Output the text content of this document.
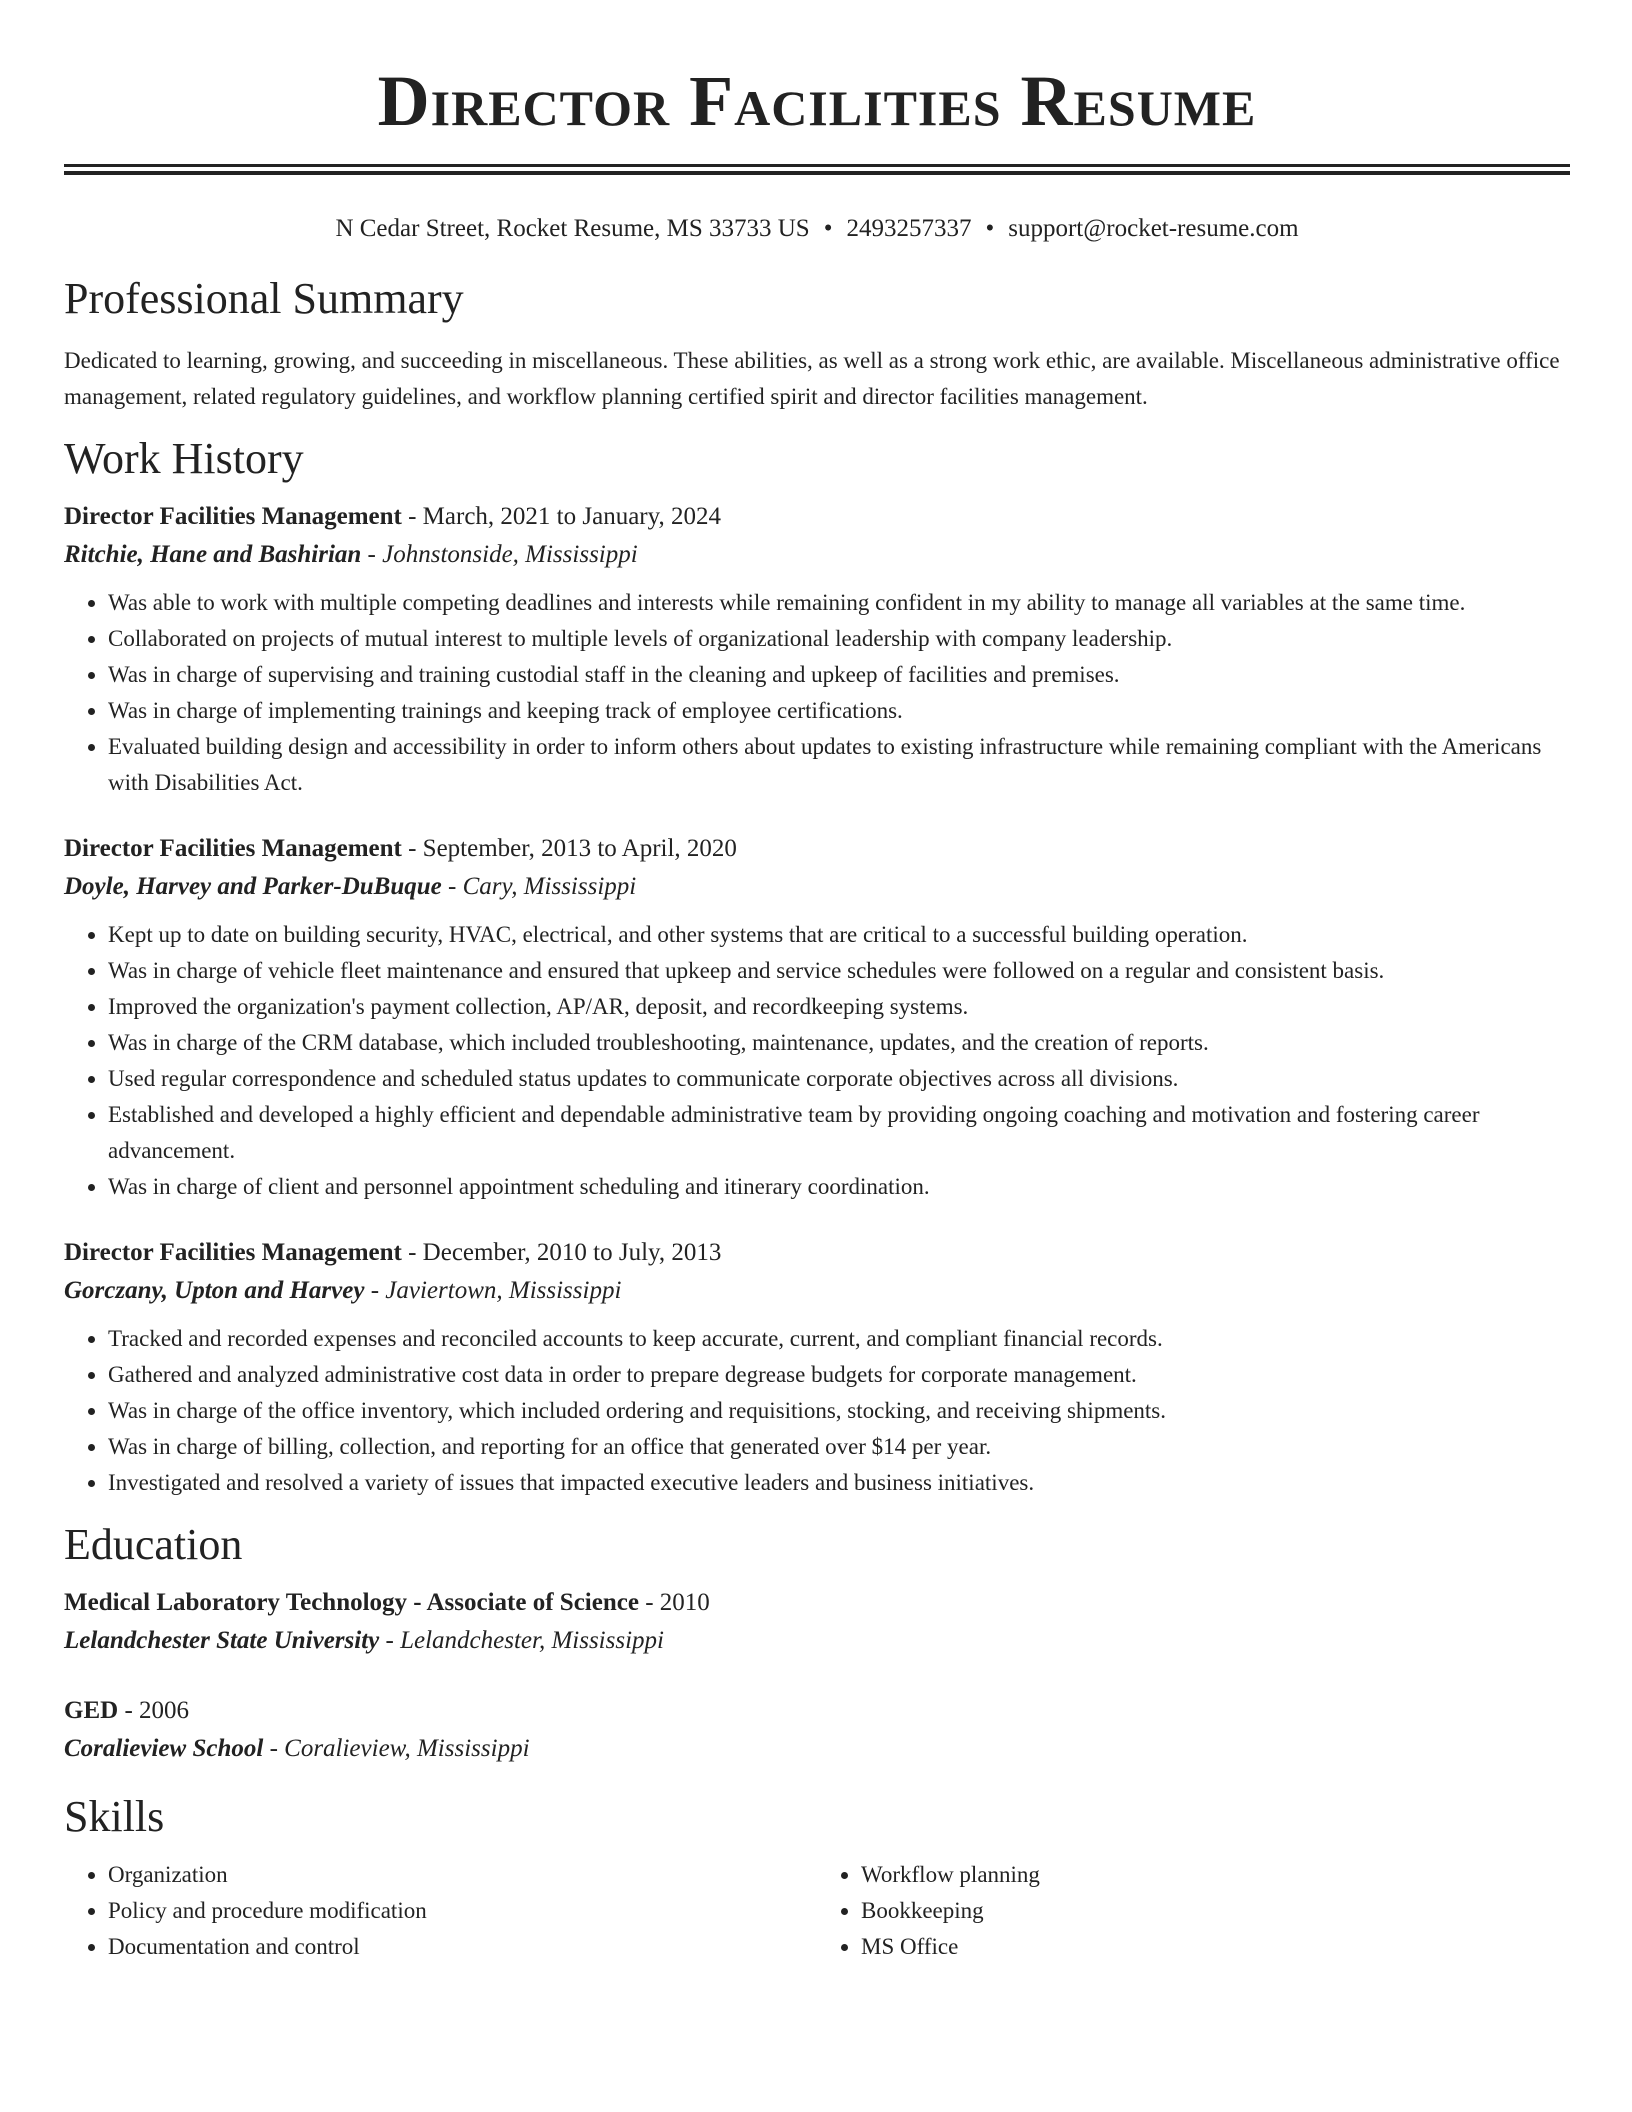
Director Facilities Resume
N Cedar Street, Rocket Resume, MS 33733 US • 2493257337 • support@rocket-resume.com
Professional Summary

Dedicated to learning, growing, and succeeding in miscellaneous. These abilities, as well as a strong work ethic, are available. Miscellaneous administrative office management, related regulatory guidelines, and workflow planning certified spirit and director facilities management.

Work History
Director Facilities Management - March, 2021 to January, 2024
Ritchie, Hane and Bashirian - Johnstonside, Mississippi
• Was able to work with multiple competing deadlines and interests while remaining confident in my ability to manage all variables at the same time.
• Collaborated on projects of mutual interest to multiple levels of organizational leadership with company leadership.
• Was in charge of supervising and training custodial staff in the cleaning and upkeep of facilities and premises.
• Was in charge of implementing trainings and keeping track of employee certifications.
• Evaluated building design and accessibility in order to inform others about updates to existing infrastructure while remaining compliant with the Americans with Disabilities Act.
Director Facilities Management - September, 2013 to April, 2020
Doyle, Harvey and Parker-DuBuque - Cary, Mississippi
• Kept up to date on building security, HVAC, electrical, and other systems that are critical to a successful building operation.
• Was in charge of vehicle fleet maintenance and ensured that upkeep and service schedules were followed on a regular and consistent basis.
• Improved the organization's payment collection, AP/AR, deposit, and recordkeeping systems.
• Was in charge of the CRM database, which included troubleshooting, maintenance, updates, and the creation of reports.
• Used regular correspondence and scheduled status updates to communicate corporate objectives across all divisions.
• Established and developed a highly efficient and dependable administrative team by providing ongoing coaching and motivation and fostering career advancement.
• Was in charge of client and personnel appointment scheduling and itinerary coordination.
Director Facilities Management - December, 2010 to July, 2013
Gorczany, Upton and Harvey - Javiertown, Mississippi
• Tracked and recorded expenses and reconciled accounts to keep accurate, current, and compliant financial records.
• Gathered and analyzed administrative cost data in order to prepare degrease budgets for corporate management.
• Was in charge of the office inventory, which included ordering and requisitions, stocking, and receiving shipments.
• Was in charge of billing, collection, and reporting for an office that generated over $14 per year.
• Investigated and resolved a variety of issues that impacted executive leaders and business initiatives.
Education
Medical Laboratory Technology - Associate of Science - 2010
Lelandchester State University - Lelandchester, Mississippi
GED - 2006
Coralieview School - Coralieview, Mississippi
Skills
• Organization
• Policy and procedure modification
• Documentation and control
• Workflow planning
• Bookkeeping
• MS Office
